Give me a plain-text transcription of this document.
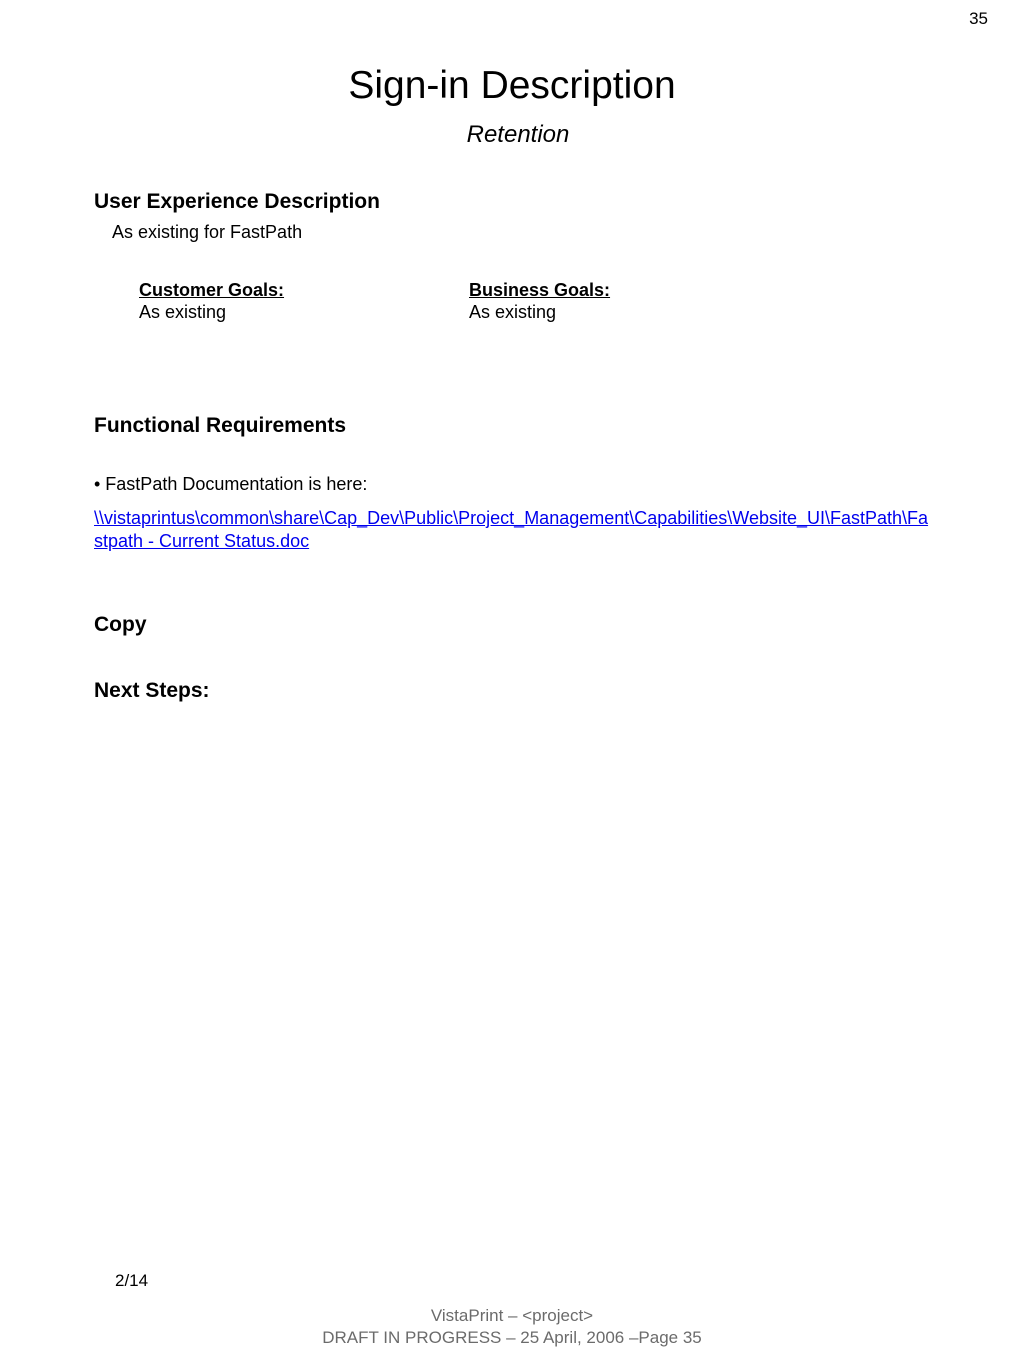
35
Sign-in Description
Retention
User Experience Description
As existing for FastPath
Customer Goals:
As existing
Business Goals:
As existing
Functional Requirements
• FastPath Documentation is here:
\\vistaprintus\common\share\Cap_Dev\Public\Project_Management\Capabilities\Website_UI\FastPath\Fastpath - Current Status.doc
Copy
Next Steps:
2/14
VistaPrint – <project>
DRAFT IN PROGRESS – 25 April, 2006 –Page 35
